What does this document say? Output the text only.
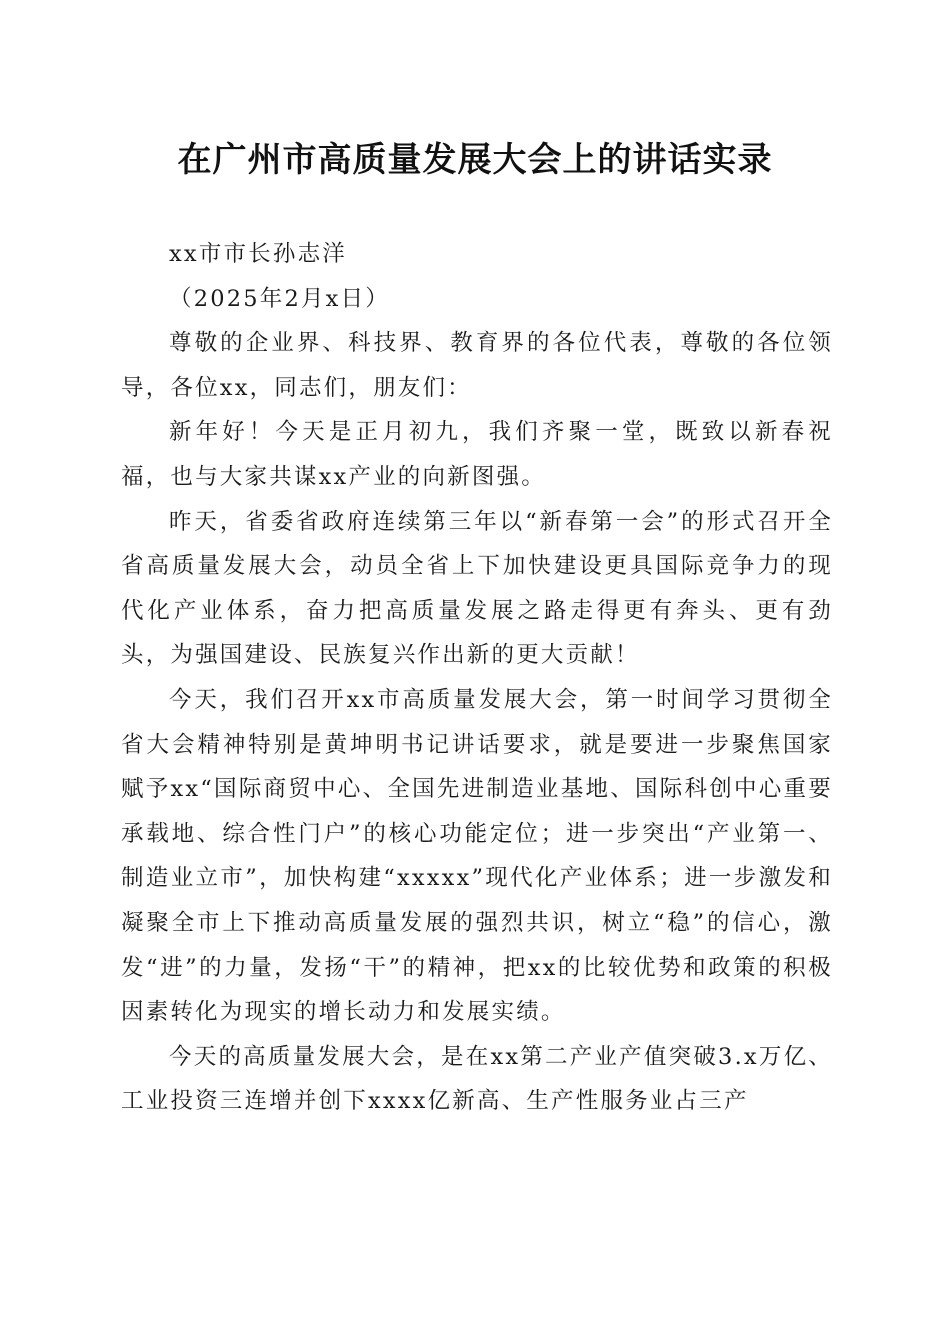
在广州市高质量发展大会上的讲话实录

xx市市长孙志洋

（2025年2月x日）

尊敬的企业界、科技界、教育界的各位代表，尊敬的各位领导，各位xx，同志们，朋友们：

新年好！今天是正月初九，我们齐聚一堂，既致以新春祝福，也与大家共谋xx产业的向新图强。

昨天，省委省政府连续第三年以“新春第一会”的形式召开全省高质量发展大会，动员全省上下加快建设更具国际竞争力的现代化产业体系，奋力把高质量发展之路走得更有奔头、更有劲头，为强国建设、民族复兴作出新的更大贡献！

今天，我们召开xx市高质量发展大会，第一时间学习贯彻全省大会精神特别是黄坤明书记讲话要求，就是要进一步聚焦国家赋予xx“国际商贸中心、全国先进制造业基地、国际科创中心重要承载地、综合性门户”的核心功能定位；进一步突出“产业第一、制造业立市”，加快构建“xxxxx”现代化产业体系；进一步激发和凝聚全市上下推动高质量发展的强烈共识，树立“稳”的信心，激发“进”的力量，发扬“干”的精神，把xx的比较优势和政策的积极因素转化为现实的增长动力和发展实绩。

今天的高质量发展大会，是在xx第二产业产值突破3.x万亿、工业投资三连增并创下xxxx亿新高、生产性服务业占三产
